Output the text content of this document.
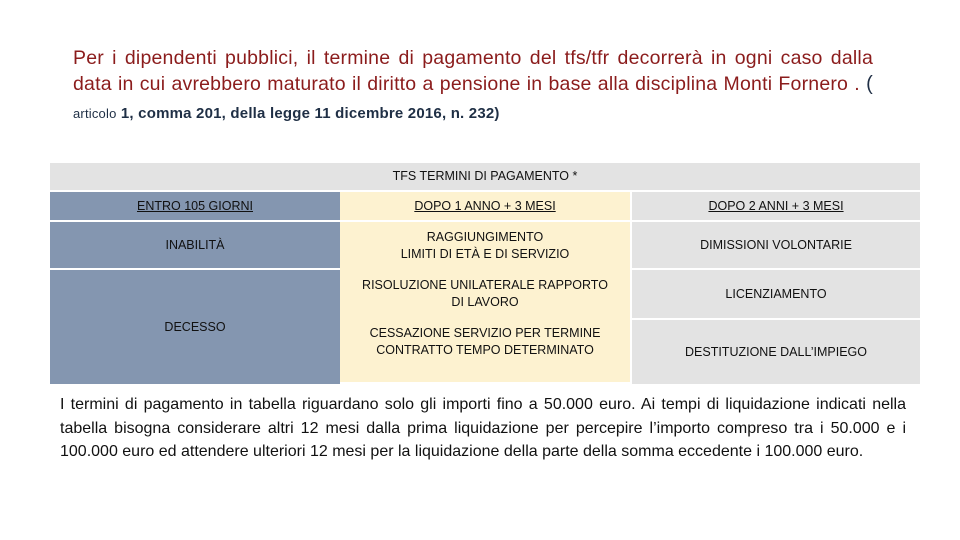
Per i dipendenti pubblici, il termine di pagamento del tfs/tfr decorrerà in ogni caso dalla data in cui avrebbero maturato il diritto a pensione in base alla disciplina Monti Fornero . ( articolo 1, comma 201, della legge 11 dicembre 2016, n. 232)
TFS TERMINI DI PAGAMENTO *
ENTRO 105 GIORNI	DOPO 1 ANNO + 3 MESI	DOPO 2 ANNI + 3 MESI
INABILITÀ
DECESSO
RAGGIUNGIMENTO
LIMITI DI ETÀ E DI SERVIZIO
RISOLUZIONE UNILATERALE RAPPORTO
DI LAVORO
CESSAZIONE SERVIZIO PER TERMINE
CONTRATTO TEMPO DETERMINATO
DIMISSIONI VOLONTARIE
LICENZIAMENTO
DESTITUZIONE DALL’IMPIEGO
I termini di pagamento in tabella riguardano solo gli importi fino a 50.000 euro. Ai tempi di liquidazione indicati nella tabella bisogna considerare altri 12 mesi dalla prima liquidazione per percepire l’importo compreso tra i 50.000 e i 100.000 euro ed attendere ulteriori 12 mesi per la liquidazione della parte della somma eccedente i 100.000 euro.
